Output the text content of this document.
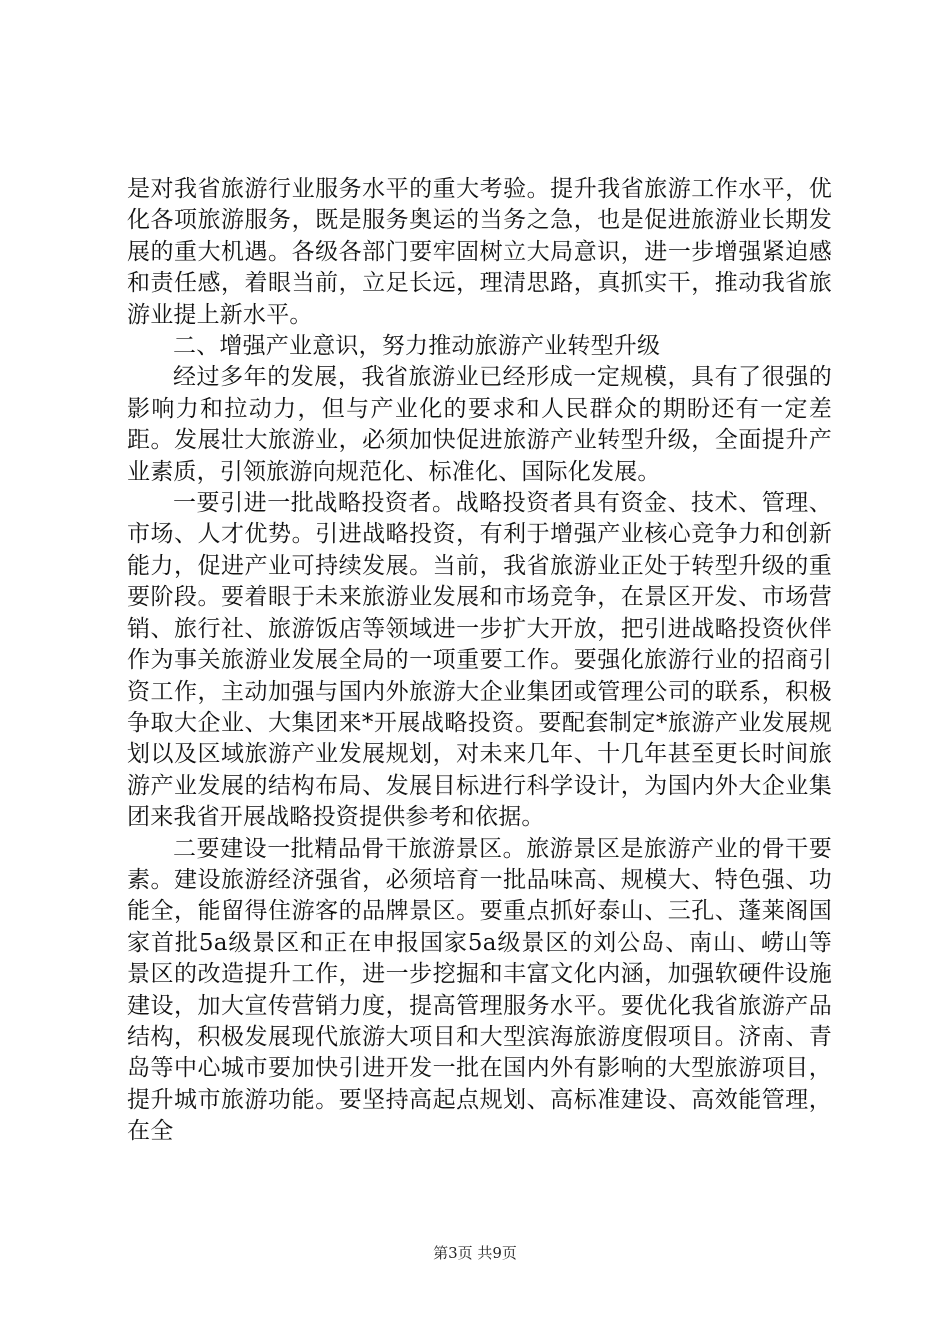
是对我省旅游行业服务水平的重大考验。提升我省旅游工作水平，优化各项旅游服务，既是服务奥运的当务之急，也是促进旅游业长期发展的重大机遇。各级各部门要牢固树立大局意识，进一步增强紧迫感和责任感，着眼当前，立足长远，理清思路，真抓实干，推动我省旅游业提上新水平。

二、增强产业意识，努力推动旅游产业转型升级

经过多年的发展，我省旅游业已经形成一定规模，具有了很强的影响力和拉动力，但与产业化的要求和人民群众的期盼还有一定差距。发展壮大旅游业，必须加快促进旅游产业转型升级，全面提升产业素质，引领旅游向规范化、标准化、国际化发展。

一要引进一批战略投资者。战略投资者具有资金、技术、管理、市场、人才优势。引进战略投资，有利于增强产业核心竞争力和创新能力，促进产业可持续发展。当前，我省旅游业正处于转型升级的重要阶段。要着眼于未来旅游业发展和市场竞争，在景区开发、市场营销、旅行社、旅游饭店等领域进一步扩大开放，把引进战略投资伙伴作为事关旅游业发展全局的一项重要工作。要强化旅游行业的招商引资工作，主动加强与国内外旅游大企业集团或管理公司的联系，积极争取大企业、大集团来*开展战略投资。要配套制定*旅游产业发展规划以及区域旅游产业发展规划，对未来几年、十几年甚至更长时间旅游产业发展的结构布局、发展目标进行科学设计，为国内外大企业集团来我省开展战略投资提供参考和依据。

二要建设一批精品骨干旅游景区。旅游景区是旅游产业的骨干要素。建设旅游经济强省，必须培育一批品味高、规模大、特色强、功能全，能留得住游客的品牌景区。要重点抓好泰山、三孔、蓬莱阁国家首批5a级景区和正在申报国家5a级景区的刘公岛、南山、崂山等景区的改造提升工作，进一步挖掘和丰富文化内涵，加强软硬件设施建设，加大宣传营销力度，提高管理服务水平。要优化我省旅游产品结构，积极发展现代旅游大项目和大型滨海旅游度假项目。济南、青岛等中心城市要加快引进开发一批在国内外有影响的大型旅游项目，提升城市旅游功能。要坚持高起点规划、高标准建设、高效能管理，在全

第3页 共9页
